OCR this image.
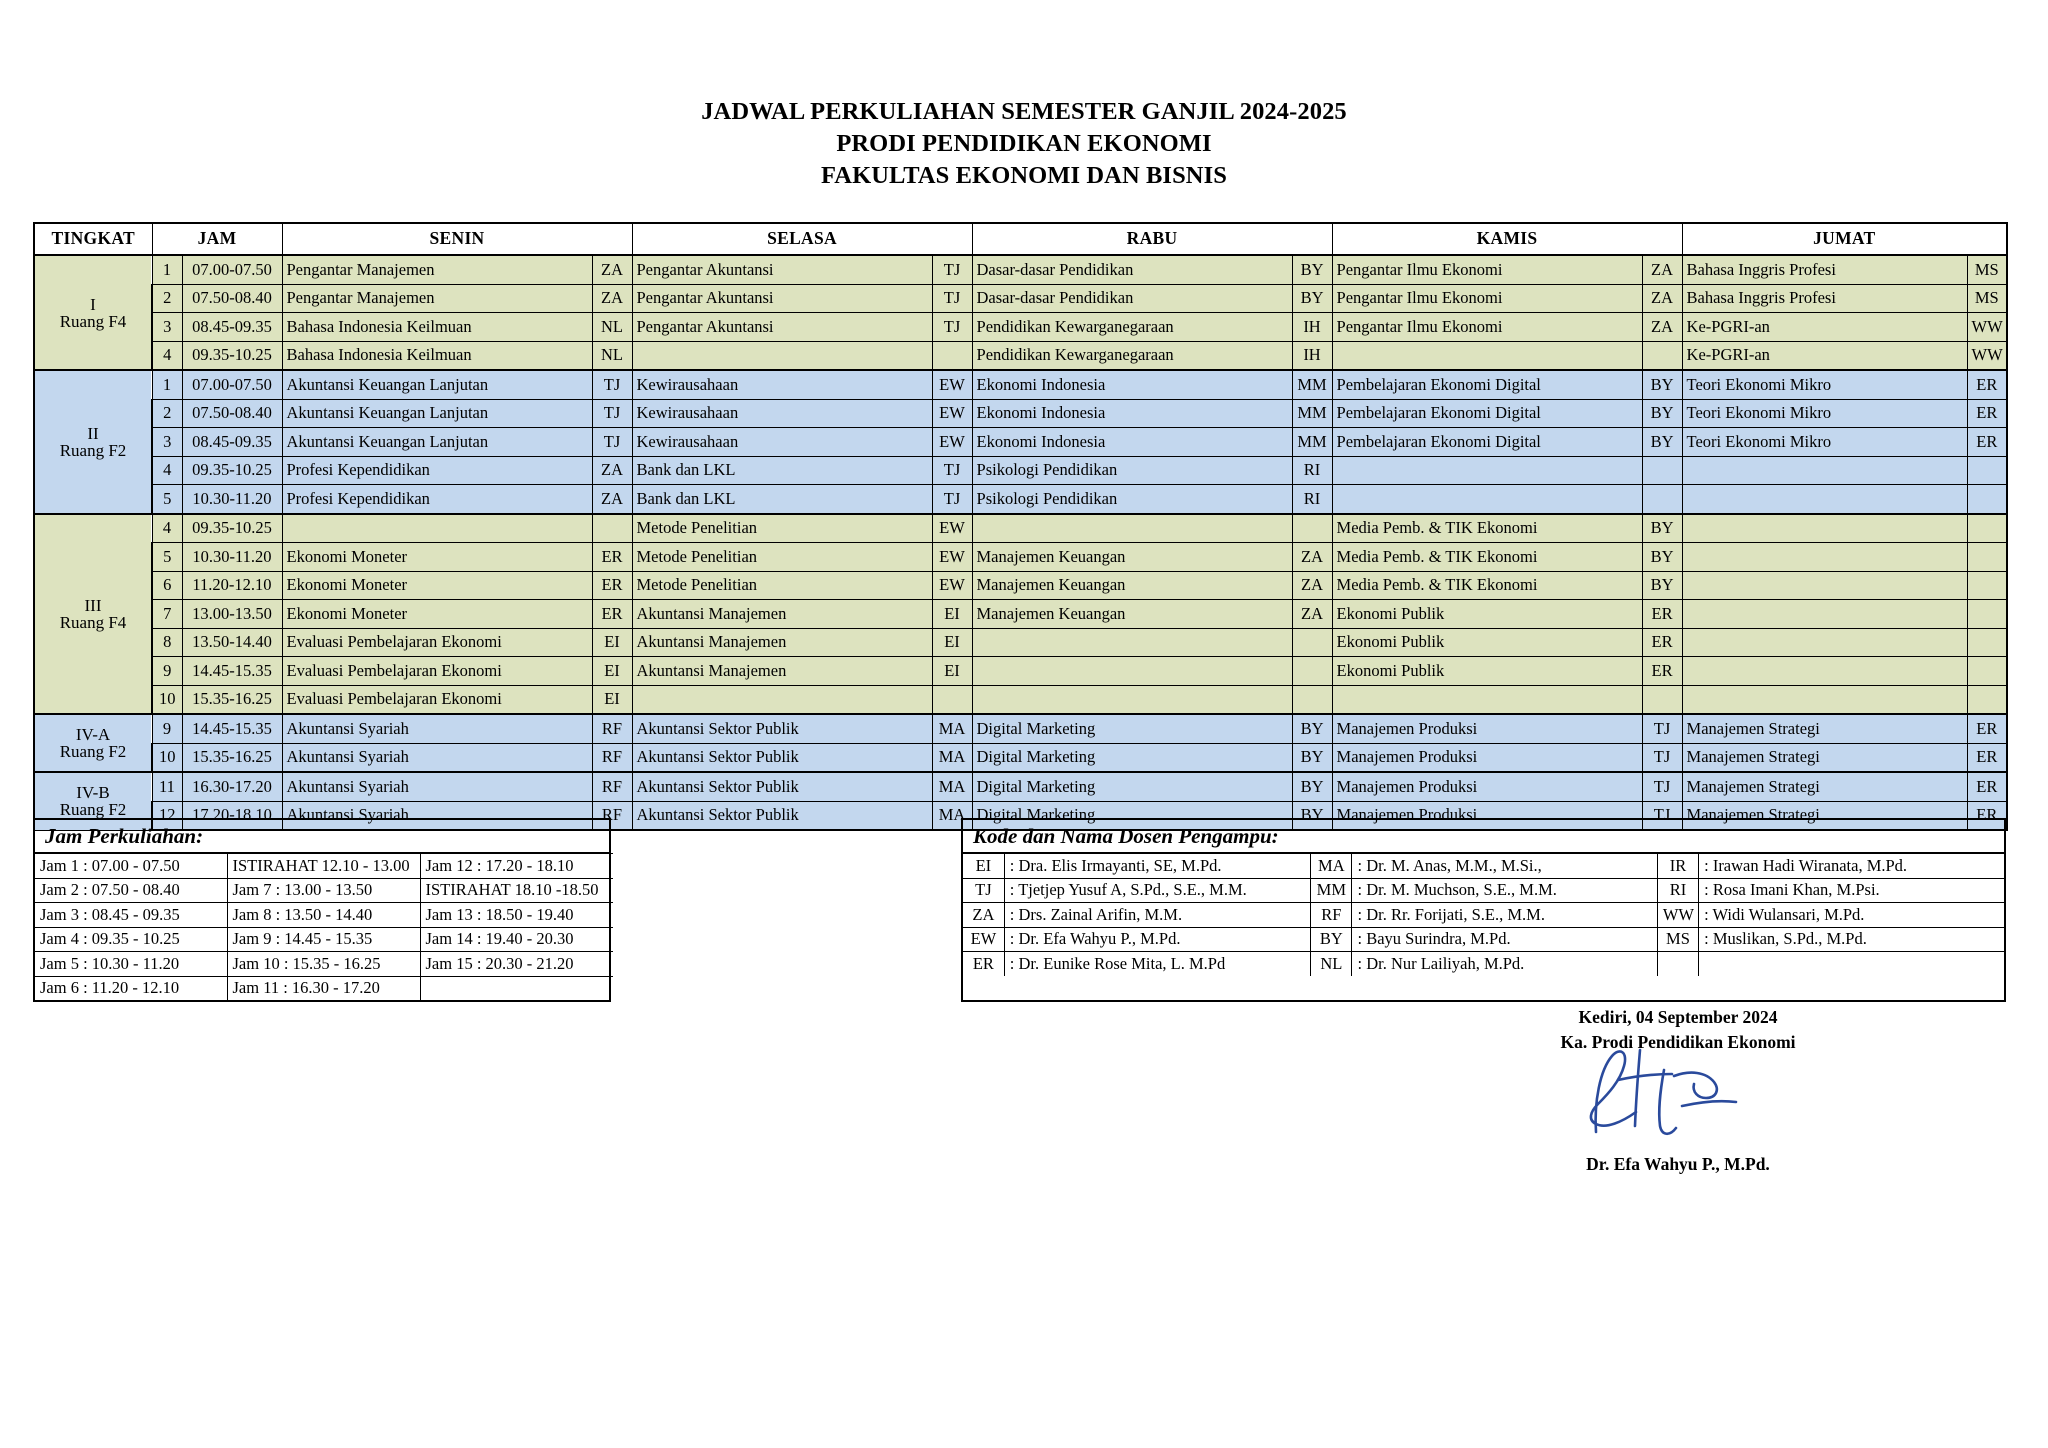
JADWAL PERKULIAHAN SEMESTER GANJIL 2024-2025
PRODI PENDIDIKAN EKONOMI
FAKULTAS EKONOMI DAN BISNIS
TINGKAT	JAM		SENIN		SELASA		RABU		KAMIS		JUMAT	
I
Ruang F4	1	07.00-07.50	Pengantar Manajemen	ZA	Pengantar Akuntansi	TJ	Dasar-dasar Pendidikan	BY	Pengantar Ilmu Ekonomi	ZA	Bahasa Inggris Profesi	MS
	2	07.50-08.40	Pengantar Manajemen	ZA	Pengantar Akuntansi	TJ	Dasar-dasar Pendidikan	BY	Pengantar Ilmu Ekonomi	ZA	Bahasa Inggris Profesi	MS
	3	08.45-09.35	Bahasa Indonesia Keilmuan	NL	Pengantar Akuntansi	TJ	Pendidikan Kewarganegaraan	IH	Pengantar Ilmu Ekonomi	ZA	Ke-PGRI-an	WW
	4	09.35-10.25	Bahasa Indonesia Keilmuan	NL			Pendidikan Kewarganegaraan	IH			Ke-PGRI-an	WW
II
Ruang F2	1	07.00-07.50	Akuntansi Keuangan Lanjutan	TJ	Kewirausahaan	EW	Ekonomi Indonesia	MM	Pembelajaran Ekonomi Digital	BY	Teori Ekonomi Mikro	ER
	2	07.50-08.40	Akuntansi Keuangan Lanjutan	TJ	Kewirausahaan	EW	Ekonomi Indonesia	MM	Pembelajaran Ekonomi Digital	BY	Teori Ekonomi Mikro	ER
	3	08.45-09.35	Akuntansi Keuangan Lanjutan	TJ	Kewirausahaan	EW	Ekonomi Indonesia	MM	Pembelajaran Ekonomi Digital	BY	Teori Ekonomi Mikro	ER
	4	09.35-10.25	Profesi Kependidikan	ZA	Bank dan LKL	TJ	Psikologi Pendidikan	RI				
	5	10.30-11.20	Profesi Kependidikan	ZA	Bank dan LKL	TJ	Psikologi Pendidikan	RI				
III
Ruang F4	4	09.35-10.25			Metode Penelitian	EW			Media Pemb. & TIK Ekonomi	BY		
	5	10.30-11.20	Ekonomi Moneter	ER	Metode Penelitian	EW	Manajemen Keuangan	ZA	Media Pemb. & TIK Ekonomi	BY		
	6	11.20-12.10	Ekonomi Moneter	ER	Metode Penelitian	EW	Manajemen Keuangan	ZA	Media Pemb. & TIK Ekonomi	BY		
	7	13.00-13.50	Ekonomi Moneter	ER	Akuntansi Manajemen	EI	Manajemen Keuangan	ZA	Ekonomi Publik	ER		
	8	13.50-14.40	Evaluasi Pembelajaran Ekonomi	EI	Akuntansi Manajemen	EI			Ekonomi Publik	ER		
	9	14.45-15.35	Evaluasi Pembelajaran Ekonomi	EI	Akuntansi Manajemen	EI			Ekonomi Publik	ER		
	10	15.35-16.25	Evaluasi Pembelajaran Ekonomi	EI								
IV-A
Ruang F2	9	14.45-15.35	Akuntansi Syariah	RF	Akuntansi Sektor Publik	MA	Digital Marketing	BY	Manajemen Produksi	TJ	Manajemen Strategi	ER
	10	15.35-16.25	Akuntansi Syariah	RF	Akuntansi Sektor Publik	MA	Digital Marketing	BY	Manajemen Produksi	TJ	Manajemen Strategi	ER
IV-B
Ruang F2	11	16.30-17.20	Akuntansi Syariah	RF	Akuntansi Sektor Publik	MA	Digital Marketing	BY	Manajemen Produksi	TJ	Manajemen Strategi	ER
	12	17.20-18.10	Akuntansi Syariah	RF	Akuntansi Sektor Publik	MA	Digital Marketing	BY	Manajemen Produksi	TJ	Manajemen Strategi	ER
Jam Perkuliahan:
Jam 1 : 07.00 - 07.50	ISTIRAHAT 12.10 - 13.00	Jam 12 : 17.20 - 18.10
Jam 2 : 07.50 - 08.40	Jam 7 : 13.00 - 13.50	ISTIRAHAT 18.10 -18.50
Jam 3 : 08.45 - 09.35	Jam 8 : 13.50 - 14.40	Jam 13 : 18.50 - 19.40
Jam 4 : 09.35 - 10.25	Jam 9 : 14.45 - 15.35	Jam 14 : 19.40 - 20.30
Jam 5 : 10.30 - 11.20	Jam 10 : 15.35 - 16.25	Jam 15 : 20.30 - 21.20
Jam 6 : 11.20 - 12.10	Jam 11 : 16.30 - 17.20	
Kode dan Nama Dosen Pengampu:
EI	: Dra. Elis Irmayanti, SE, M.Pd.	MA	: Dr. M. Anas, M.M., M.Si.,	IR	: Irawan Hadi Wiranata, M.Pd.
TJ	: Tjetjep Yusuf A, S.Pd., S.E., M.M.	MM	: Dr. M. Muchson, S.E., M.M.	RI	: Rosa Imani Khan, M.Psi.
ZA	: Drs. Zainal Arifin, M.M.	RF	: Dr. Rr. Forijati, S.E., M.M.	WW	: Widi Wulansari, M.Pd.
EW	: Dr. Efa Wahyu P., M.Pd.	BY	: Bayu Surindra, M.Pd.	MS	: Muslikan, S.Pd., M.Pd.
ER	: Dr. Eunike Rose Mita, L. M.Pd	NL	: Dr. Nur Lailiyah, M.Pd.		
Kediri, 04 September 2024
Ka. Prodi Pendidikan Ekonomi
Dr. Efa Wahyu P., M.Pd.
